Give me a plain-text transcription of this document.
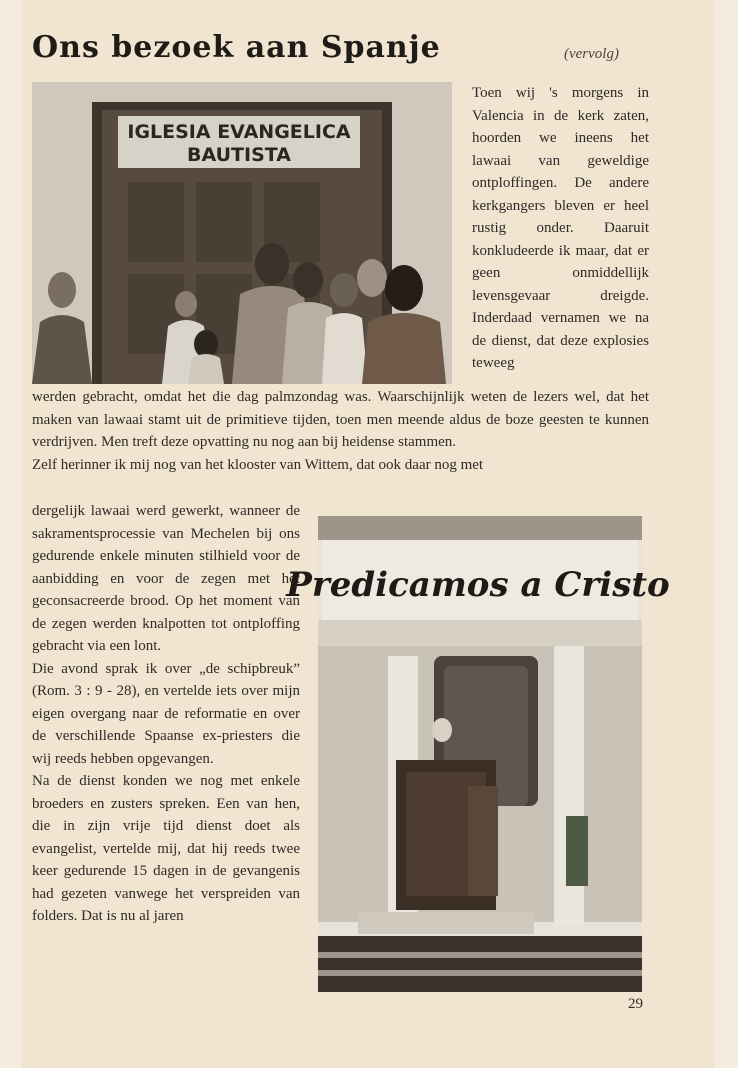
Ons bezoek aan Spanje	(vervolg)
IGLESIA EVANGELICA
BAUTISTA

Toen wij 's morgens in Valencia in de kerk zaten, hoorden we ineens het lawaai van geweldige ontploffingen. De andere kerkgangers bleven er heel rustig onder. Daaruit konkludeerde ik maar, dat er geen onmiddellijk levensgevaar dreigde. Inderdaad vernamen we na de dienst, dat deze explosies teweeg

werden gebracht, omdat het die dag palmzondag was. Waarschijnlijk weten de lezers wel, dat het maken van lawaai stamt uit de primitieve tijden, toen men meende aldus de boze geesten te kunnen verdrijven. Men treft deze opvatting nu nog aan bij heidense stammen.

Zelf herinner ik mij nog van het klooster van Wittem, dat ook daar nog met

dergelijk lawaai werd gewerkt, wanneer de sakramentsprocessie van Mechelen bij ons gedurende enkele minuten stilhield voor de aanbidding en voor de zegen met het geconsacreerde brood. Op het moment van de zegen werden knalpotten tot ontploffing gebracht via een lont.

Die avond sprak ik over „de schipbreuk” (Rom. 3 : 9 - 28), en vertelde iets over mijn eigen overgang naar de reformatie en over de verschillende Spaanse ex-priesters die wij reeds hebben opgevangen.

Na de dienst konden we nog met enkele broeders en zusters spreken. Een van hen, die in zijn vrije tijd dienst doet als evangelist, vertelde mij, dat hij reeds twee keer gedurende 15 dagen in de gevangenis had gezeten vanwege het verspreiden van folders. Dat is nu al jaren

Predicamos a Cristo
29
